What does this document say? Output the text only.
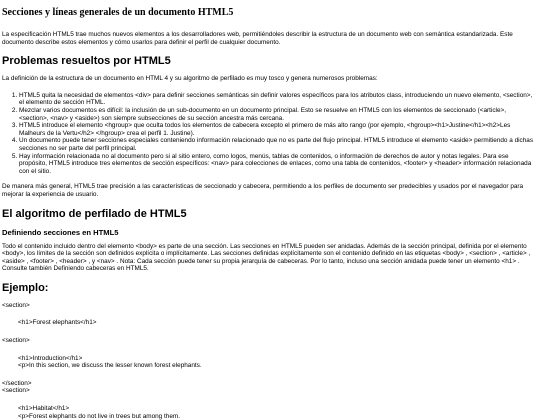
Secciones y líneas generales de un documento HTML5

La especificación HTML5 trae muchos nuevos elementos a los desarrolladores web, permitiéndoles describir la estructura de un documento web con semántica estandarizada. Este documento describe estos elementos y cómo usarlos para definir el perfil de cualquier documento.

Problemas resueltos por HTML5

La definición de la estructura de un documento en HTML 4 y su algoritmo de perfilado es muy tosco y genera numerosos problemas:

1. HTML5 quita la necesidad de elementos <div> para definir secciones semánticas sin definir valores específicos para los atributos class, introduciendo un nuevo elemento, <section>, el elemento de sección HTML.
2. Mezclar varios documentos es difícil: la inclusión de un sub-documento en un documento principal. Esto se resuelve en HTML5 con los elementos de seccionado (<article>, <section>, <nav> y <aside>) son siempre subsecciones de su sección ancestra más cercana.
3. HTML5 introduce el elemento <hgroup> que oculta todos los elementos de cabecera excepto el primero de más alto rango (por ejemplo, <hgroup><h1>Justine</h1><h2>Les Malheurs de la Vertu</h2> </hgroup> crea el perfil 1. Justine).
4. Un documento puede tener secciones especiales conteniendo información relacionado que no es parte del flujo principal. HTML5 introduce el elemento <aside> permitiendo a dichas secciones no ser parte del perfil principal.
5. Hay información relacionada no al documento pero si al sitio entero, como logos, menús, tablas de contenidos, o información de derechos de autor y notas legales. Para ese propósito, HTML5 introduce tres elementos de sección específicos: <nav> para colecciones de enlaces, como una tabla de contenidos, <footer> y <header> información relacionada con el sitio.

De manera más general, HTML5 trae precisión a las características de seccionado y cabecera, permitiendo a los perfiles de documento ser predecibles y usados por el navegador para mejorar la experiencia de usuario.

El algoritmo de perfilado de HTML5
Definiendo secciones en HTML5

Todo el contenido incluido dentro del elemento <body> es parte de una sección. Las secciones en HTML5 pueden ser anidadas. Además de la sección principal, definida por el elemento <body>, los límites de la sección son definidos explícita o implícitamente. Las secciones definidas explícitamente son el contenido definido en las etiquetas <body> , <section> , <article> , <aside> , <footer> , <header> , y <nav> . Nota: Cada sección puede tener su propia jerarquía de cabeceras. Por lo tanto, incluso una sección anidada puede tener un elemento <h1> . Consulte también Definiendo cabeceras en HTML5.

Ejemplo:
<section>
<h1>Forest elephants</h1>
<section>
<h1>Introduction</h1>
<p>In this section, we discuss the lesser known forest elephants.
</section>
<section>
<h1>Habitat</h1>
<p>Forest elephants do not live in trees but among them.
